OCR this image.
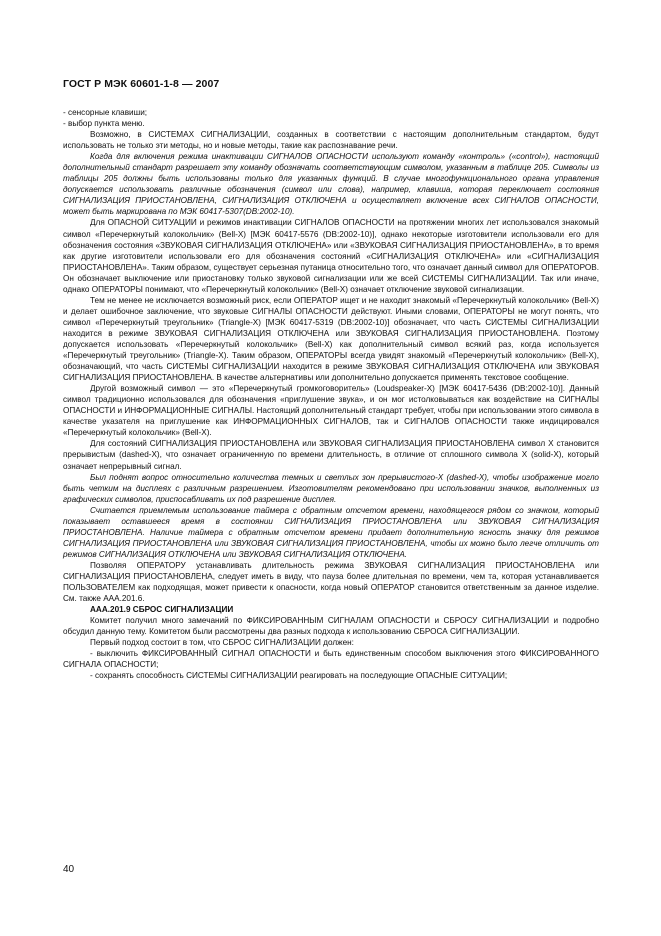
ГОСТ Р МЭК 60601-1-8 — 2007

- сенсорные клавиши;

- выбор пункта меню.

Возможно, в СИСТЕМАХ СИГНАЛИЗАЦИИ, созданных в соответствии с настоящим дополнительным стандартом, будут использовать не только эти методы, но и новые методы, такие как распознавание речи.

Когда для включения режима инактивации СИГНАЛОВ ОПАСНОСТИ используют команду «контроль» («control»), настоящий дополнительный стандарт разрешает эту команду обозначать соответствующим символом, указанным в таблице 205. Символы из таблицы 205 должны быть использованы только для указанных функций. В случае многофункционального органа управления допускается использовать различные обозначения (символ или слова), например, клавиша, которая переключает состояния СИГНАЛИЗАЦИЯ ПРИОСТАНОВЛЕНА, СИГНАЛИЗАЦИЯ ОТКЛЮЧЕНА и осуществляет включение всех СИГНАЛОВ ОПАСНОСТИ, может быть маркирована по МЭК 60417-5307(DB:2002-10).

Для ОПАСНОЙ СИТУАЦИИ и режимов инактивации СИГНАЛОВ ОПАСНОСТИ на протяжении многих лет использовался знакомый символ «Перечеркнутый колокольчик» (Bell-X) [МЭК 60417-5576 (DB:2002-10)], однако некоторые изготовители использовали его для обозначения состояния «ЗВУКОВАЯ СИГНАЛИЗАЦИЯ ОТКЛЮЧЕНА» или «ЗВУКОВАЯ СИГНАЛИЗАЦИЯ ПРИОСТАНОВЛЕНА», в то время как другие изготовители использовали его для обозначения состояний «СИГНАЛИЗАЦИЯ ОТКЛЮЧЕНА» или «СИГНАЛИЗАЦИЯ ПРИОСТАНОВЛЕНА». Таким образом, существует серьезная путаница относительно того, что означает данный символ для ОПЕРАТОРОВ. Он обозначает выключение или приостановку только звуковой сигнализации или же всей СИСТЕМЫ СИГНАЛИЗАЦИИ. Так или иначе, однако ОПЕРАТОРЫ понимают, что «Перечеркнутый колокольчик» (Bell-X) означает отключение звуковой сигнализации.

Тем не менее не исключается возможный риск, если ОПЕРАТОР ищет и не находит знакомый «Перечеркнутый колокольчик» (Bell-X) и делает ошибочное заключение, что звуковые СИГНАЛЫ ОПАСНОСТИ действуют. Иными словами, ОПЕРАТОРЫ не могут понять, что символ «Перечеркнутый треугольник» (Triangle-X) [МЭК 60417-5319 (DB:2002-10)] обозначает, что часть СИСТЕМЫ СИГНАЛИЗАЦИИ находится в режиме ЗВУКОВАЯ СИГНАЛИЗАЦИЯ ОТКЛЮЧЕНА или ЗВУКОВАЯ СИГНАЛИЗАЦИЯ ПРИОСТАНОВЛЕНА. Поэтому допускается использовать «Перечеркнутый колокольчик» (Bell-X) как дополнительный символ всякий раз, когда используется «Перечеркнутый треугольник» (Triangle-X). Таким образом, ОПЕРАТОРЫ всегда увидят знакомый «Перечеркнутый колокольчик» (Bell-X), обозначающий, что часть СИСТЕМЫ СИГНАЛИЗАЦИИ находится в режиме ЗВУКОВАЯ СИГНАЛИЗАЦИЯ ОТКЛЮЧЕНА или ЗВУКОВАЯ СИГНАЛИЗАЦИЯ ПРИОСТАНОВЛЕНА. В качестве альтернативы или дополнительно допускается применять текстовое сообщение.

Другой возможный символ — это «Перечеркнутый громкоговоритель» (Loudspeaker-X) [МЭК 60417-5436 (DB:2002-10)]. Данный символ традиционно использовался для обозначения «приглушение звука», и он мог истолковываться как воздействие на СИГНАЛЫ ОПАСНОСТИ и ИНФОРМАЦИОННЫЕ СИГНАЛЫ. Настоящий дополнительный стандарт требует, чтобы при использовании этого символа в качестве указателя на приглушение как ИНФОРМАЦИОННЫХ СИГНАЛОВ, так и СИГНАЛОВ ОПАСНОСТИ также индицировался «Перечеркнутый колокольчик» (Bell-X).

Для состояний СИГНАЛИЗАЦИЯ ПРИОСТАНОВЛЕНА или ЗВУКОВАЯ СИГНАЛИЗАЦИЯ ПРИОСТАНОВЛЕНА символ X становится прерывистым (dashed-X), что означает ограниченную по времени длительность, в отличие от сплошного символа X (solid-X), который означает непрерывный сигнал.

Был поднят вопрос относительно количества темных и светлых зон прерывистого-X (dashed-X), чтобы изображение могло быть четким на дисплеях с различным разрешением. Изготовителям рекомендовано при использовании значков, выполненных из графических символов, приспосабливать их под разрешение дисплея.

Считается приемлемым использование таймера с обратным отсчетом времени, находящегося рядом со значком, который показывает оставшееся время в состоянии СИГНАЛИЗАЦИЯ ПРИОСТАНОВЛЕНА или ЗВУКОВАЯ СИГНАЛИЗАЦИЯ ПРИОСТАНОВЛЕНА. Наличие таймера с обратным отсчетом времени придает дополнительную ясность значку для режимов СИГНАЛИЗАЦИЯ ПРИОСТАНОВЛЕНА или ЗВУКОВАЯ СИГНАЛИЗАЦИЯ ПРИОСТАНОВЛЕНА, чтобы их можно было легче отличить от режимов СИГНАЛИЗАЦИЯ ОТКЛЮЧЕНА или ЗВУКОВАЯ СИГНАЛИЗАЦИЯ ОТКЛЮЧЕНА.

Позволяя ОПЕРАТОРУ устанавливать длительность режима ЗВУКОВАЯ СИГНАЛИЗАЦИЯ ПРИОСТАНОВЛЕНА или СИГНАЛИЗАЦИЯ ПРИОСТАНОВЛЕНА, следует иметь в виду, что пауза более длительная по времени, чем та, которая устанавливается ПОЛЬЗОВАТЕЛЕМ как подходящая, может привести к опасности, когда новый ОПЕРАТОР становится ответственным за данное изделие. См. также AAA.201.6.

AAA.201.9 СБРОС СИГНАЛИЗАЦИИ

Комитет получил много замечаний по ФИКСИРОВАННЫМ СИГНАЛАМ ОПАСНОСТИ и СБРОСУ СИГНАЛИЗАЦИИ и подробно обсудил данную тему. Комитетом были рассмотрены два разных подхода к использованию СБРОСА СИГНАЛИЗАЦИИ.

Первый подход состоит в том, что СБРОС СИГНАЛИЗАЦИИ должен:

- выключить ФИКСИРОВАННЫЙ СИГНАЛ ОПАСНОСТИ и быть единственным способом выключения этого ФИКСИРОВАННОГО СИГНАЛА ОПАСНОСТИ;

- сохранять способность СИСТЕМЫ СИГНАЛИЗАЦИИ реагировать на последующие ОПАСНЫЕ СИТУАЦИИ;

40
